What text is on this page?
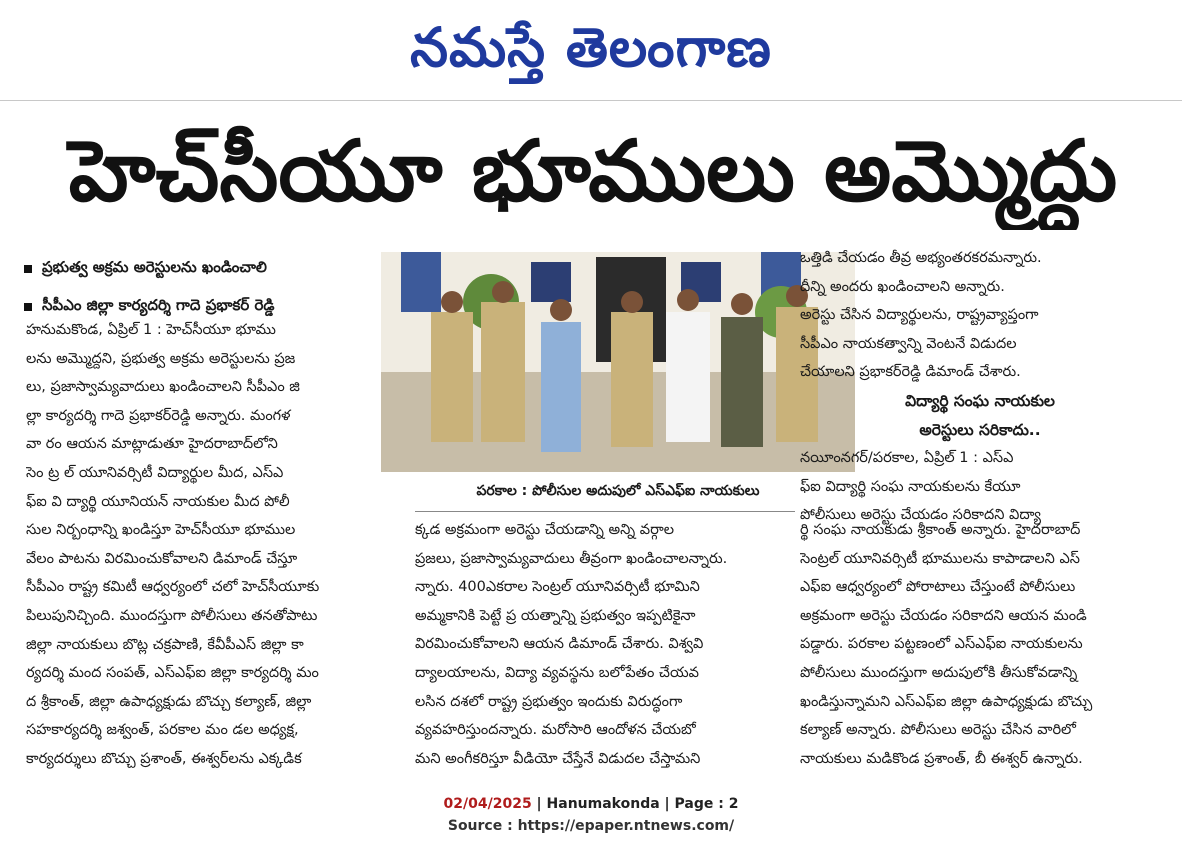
నమస్తే తెలంగాణ
హెచ్‌సీయూ భూములు అమ్మొద్దు
ప్రభుత్వ అక్రమ అరెస్టులను ఖండించాలి
సీపీఎం జిల్లా కార్యదర్శి గాదె ప్రభాకర్ రెడ్డి

హనుమకొండ, ఏప్రిల్ 1 : హెచ్‌సీయూ భూము

లను అమ్మొద్దని, ప్రభుత్వ అక్రమ అరెస్టులను ప్రజ

లు, ప్రజాస్వామ్యవాదులు ఖండించాలని సీపీఎం జి

ల్లా కార్యదర్శి గాదె ప్రభాకర్‌రెడ్డి అన్నారు. మంగళ

వా రం ఆయన మాట్లాడుతూ హైదరాబాద్‌లోని

సెం ట్ర ల్ యూనివర్సిటీ విద్యార్థుల మీద, ఎస్‌ఎ

ఫ్‌ఐ వి ద్యార్థి యూనియన్ నాయకుల మీద పోలీ

సుల నిర్బంధాన్ని ఖండిస్తూ హెచ్‌సీయూ భూముల

వేలం పాటను విరమించుకోవాలని డిమాండ్ చేస్తూ

సీపీఎం రాష్ట్ర కమిటీ ఆధ్వర్యంలో చలో హెచ్‌సీయూకు

పిలుపునిచ్చింది. ముందస్తుగా పోలీసులు తనతోపాటు

జిల్లా నాయకులు బొట్ల చక్రపాణి, కేవీపీఎస్ జిల్లా కా

ర్యదర్శి మంద సంపత్, ఎస్‌ఎఫ్‌ఐ జిల్లా కార్యదర్శి మం

ద శ్రీకాంత్, జిల్లా ఉపాధ్యక్షుడు బొచ్చు కల్యాణ్, జిల్లా

సహకార్యదర్శి జశ్వంత్, పరకాల మం డల అధ్యక్ష,

కార్యదర్శులు బొచ్చు ప్రశాంత్, ఈశ్వర్‌లను ఎక్కడిక

పరకాల : పోలీసుల అదుపులో ఎస్‌ఎఫ్‌ఐ నాయకులు

క్కడ అక్రమంగా అరెస్టు చేయడాన్ని అన్ని వర్గాల

ప్రజలు, ప్రజాస్వామ్యవాదులు తీవ్రంగా ఖండించాలన్నారు.

న్నారు. 400ఎకరాల సెంట్రల్ యూనివర్సిటీ భూమిని

అమ్మకానికి పెట్టే ప్ర యత్నాన్ని ప్రభుత్వం ఇప్పటికైనా

విరమించుకోవాలని ఆయన డిమాండ్ చేశారు. విశ్వవి

ద్యాలయాలను, విద్యా వ్యవస్థను బలోపేతం చేయవ

లసిన దశలో రాష్ట్ర ప్రభుత్వం ఇందుకు విరుద్ధంగా

వ్యవహరిస్తుందన్నారు. మరోసారి ఆందోళన చేయబో

మని అంగీకరిస్తూ వీడియో చేస్తేనే విడుదల చేస్తామని

ఒత్తిడి చేయడం తీవ్ర అభ్యంతరకరమన్నారు.

దీన్ని అందరు ఖండించాలని అన్నారు.

అరెస్టు చేసిన విద్యార్థులను, రాష్ట్రవ్యాప్తంగా

సీపీఎం నాయకత్వాన్ని వెంటనే విడుదల

చేయాలని ప్రభాకర్‌రెడ్డి డిమాండ్ చేశారు.

విద్యార్థి సంఘ నాయకుల

అరెస్టులు సరికాదు..

నయీంనగర్/పరకాల, ఏప్రిల్ 1 : ఎస్‌ఎ

ఫ్‌ఐ విద్యార్థి సంఘ నాయకులను కేయూ

పోలీసులు అరెస్టు చేయడం సరికాదని విద్యా

ర్థి సంఘ నాయకుడు శ్రీకాంత్ అన్నారు. హైదరాబాద్

సెంట్రల్ యూనివర్సిటీ భూములను కాపాడాలని ఎస్

ఎఫ్‌ఐ ఆధ్వర్యంలో పోరాటాలు చేస్తుంటే పోలీసులు

అక్రమంగా అరెస్టు చేయడం సరికాదని ఆయన మండి

పడ్డారు. పరకాల పట్టణంలో ఎస్‌ఎఫ్‌ఐ నాయకులను

పోలీసులు ముందస్తుగా అదుపులోకి తీసుకోవడాన్ని

ఖండిస్తున్నామని ఎస్‌ఎఫ్‌ఐ జిల్లా ఉపాధ్యక్షుడు బొచ్చు

కల్యాణ్ అన్నారు. పోలీసులు అరెస్టు చేసిన వారిలో

నాయకులు మడికొండ ప్రశాంత్, బీ ఈశ్వర్ ఉన్నారు.

02/04/2025 | Hanumakonda | Page : 2
Source : https://epaper.ntnews.com/
